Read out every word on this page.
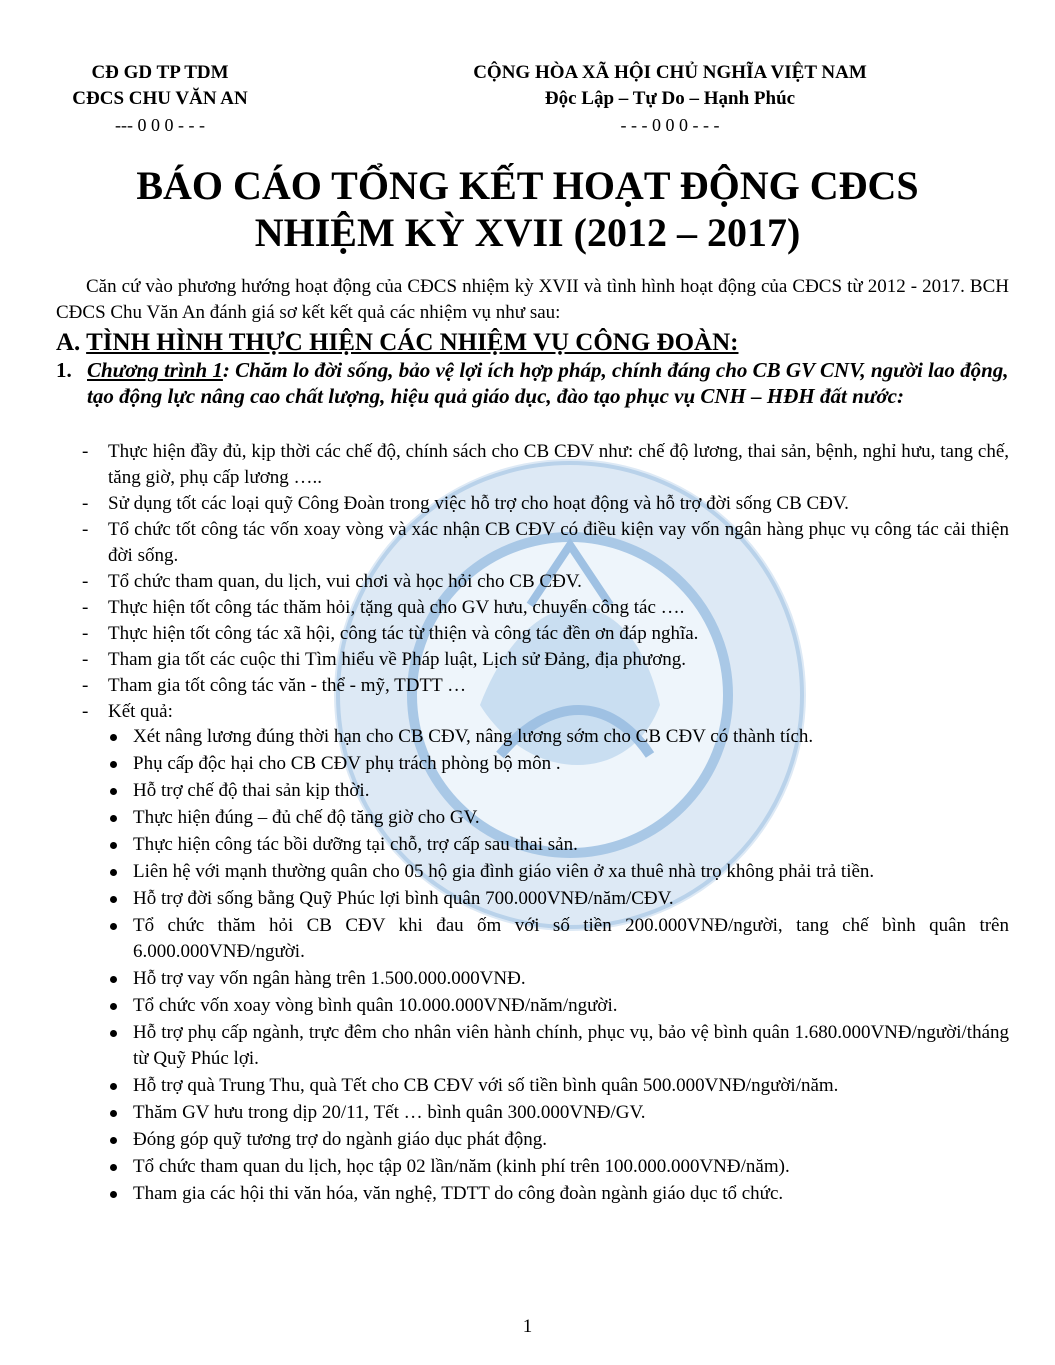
CĐ GD TP TDM
CĐCS CHU VĂN AN
--- 0 0 0 - - -
CỘNG HÒA XÃ HỘI CHỦ NGHĨA VIỆT NAM
Độc Lập – Tự Do – Hạnh Phúc
- - - 0 0 0 - - -
BÁO CÁO TỔNG KẾT HOẠT ĐỘNG CĐCS
NHIỆM KỲ XVII (2012 – 2017)
Căn cứ vào phương hướng hoạt động của CĐCS nhiệm kỳ XVII và tình hình hoạt động của CĐCS từ 2012 - 2017. BCH CĐCS Chu Văn An đánh giá sơ kết kết quả các nhiệm vụ như sau:
A. TÌNH HÌNH THỰC HIỆN CÁC NHIỆM VỤ CÔNG ĐOÀN:
1. Chương trình 1: Chăm lo đời sống, bảo vệ lợi ích hợp pháp, chính đáng cho CB GV CNV, người lao động, tạo động lực nâng cao chất lượng, hiệu quả giáo dục, đào tạo phục vụ CNH – HĐH đất nước:
- Thực hiện đầy đủ, kịp thời các chế độ, chính sách cho CB CĐV như: chế độ lương, thai sản, bệnh, nghỉ hưu, tang chế, tăng giờ, phụ cấp lương …..
- Sử dụng tốt các loại quỹ Công Đoàn trong việc hỗ trợ cho hoạt động và hỗ trợ đời sống CB CĐV.
- Tổ chức tốt công tác vốn xoay vòng và xác nhận CB CĐV có điều kiện vay vốn ngân hàng phục vụ công tác cải thiện đời sống.
- Tổ chức tham quan, du lịch, vui chơi và học hỏi cho CB CĐV.
- Thực hiện tốt công tác thăm hỏi, tặng quà cho GV hưu, chuyển công tác ….
- Thực hiện tốt công tác xã hội, công tác từ thiện và công tác đền ơn đáp nghĩa.
- Tham gia tốt các cuộc thi Tìm hiểu về Pháp luật, Lịch sử Đảng, địa phương.
- Tham gia tốt công tác văn - thể - mỹ, TDTT …
- Kết quả:
Xét nâng lương đúng thời hạn cho CB CĐV, nâng lương sớm cho CB CĐV có thành tích.
Phụ cấp độc hại cho CB CĐV phụ trách phòng bộ môn .
Hỗ trợ chế độ thai sản kịp thời.
Thực hiện đúng – đủ chế độ tăng giờ cho GV.
Thực hiện công tác bồi dưỡng tại chỗ, trợ cấp sau thai sản.
Liên hệ với mạnh thường quân cho 05 hộ gia đình giáo viên ở xa thuê nhà trọ không phải trả tiền.
Hỗ trợ đời sống bằng Quỹ Phúc lợi bình quân 700.000VNĐ/năm/CĐV.
Tổ chức thăm hỏi CB CĐV khi đau ốm với số tiền 200.000VNĐ/người, tang chế bình quân trên 6.000.000VNĐ/người.
Hỗ trợ vay vốn ngân hàng trên 1.500.000.000VNĐ.
Tổ chức vốn xoay vòng bình quân 10.000.000VNĐ/năm/người.
Hỗ trợ phụ cấp ngành, trực đêm cho nhân viên hành chính, phục vụ, bảo vệ bình quân 1.680.000VNĐ/người/tháng từ Quỹ Phúc lợi.
Hỗ trợ quà Trung Thu, quà Tết cho CB CĐV với số tiền bình quân 500.000VNĐ/người/năm.
Thăm GV hưu trong dịp 20/11, Tết … bình quân 300.000VNĐ/GV.
Đóng góp quỹ tương trợ do ngành giáo dục phát động.
Tổ chức tham quan du lịch, học tập 02 lần/năm (kinh phí trên 100.000.000VNĐ/năm).
Tham gia các hội thi văn hóa, văn nghệ, TDTT do công đoàn ngành giáo dục tổ chức.
1
